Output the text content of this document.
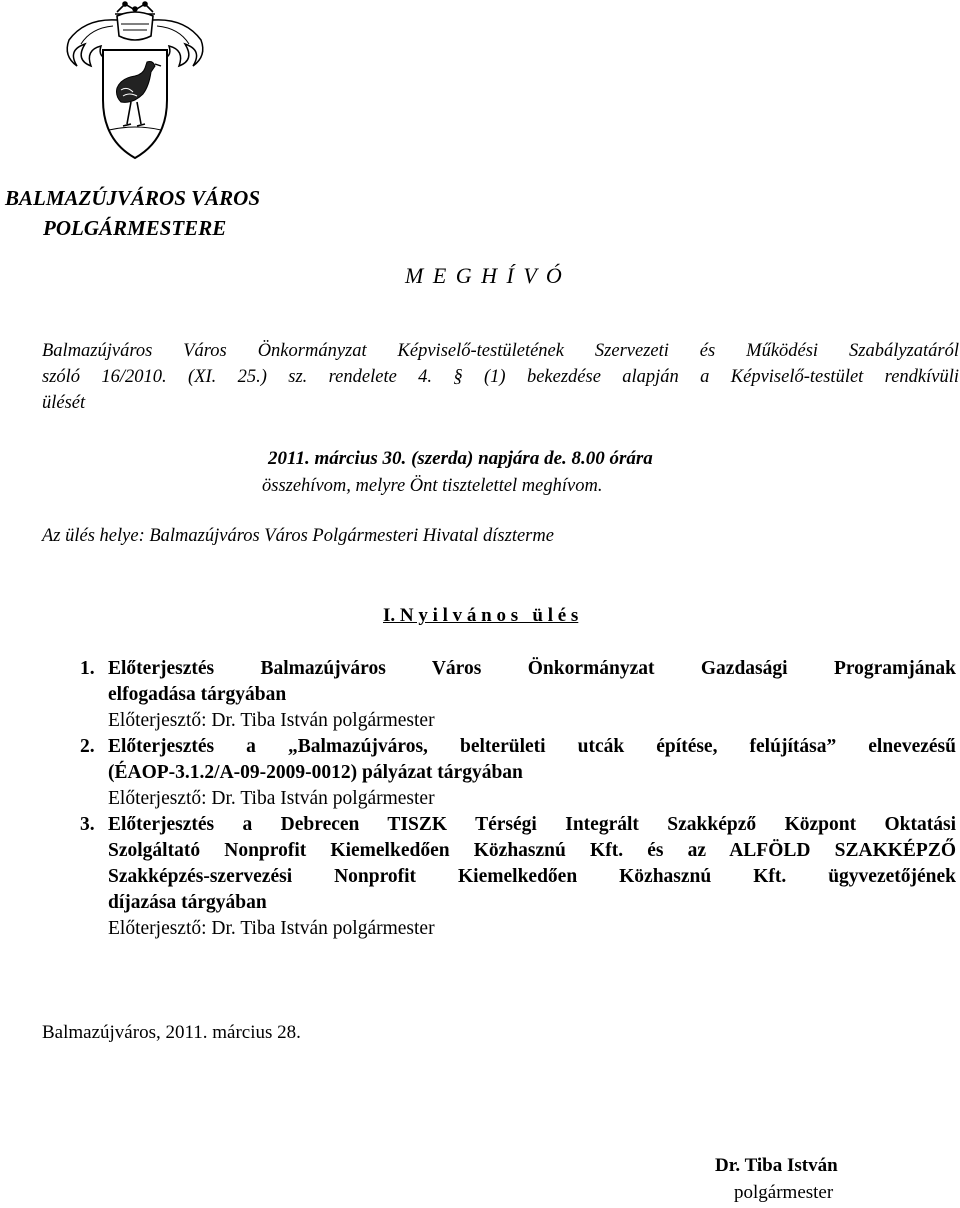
BALMAZÚJVÁROS VÁROS
POLGÁRMESTERE
M E G H Í V Ó
Balmazújváros Város Önkormányzat Képviselő-testületének Szervezeti és Működési Szabályzatáról
szóló 16/2010. (XI. 25.) sz. rendelete 4. § (1) bekezdése alapján a Képviselő-testület rendkívüli
ülését
2011. március 30. (szerda) napjára de. 8.00 órára
összehívom, melyre Önt tisztelettel meghívom.
Az ülés helye: Balmazújváros Város Polgármesteri Hivatal díszterme
I. N y i l v á n o s   ü l é s
1. Előterjesztés Balmazújváros Város Önkormányzat Gazdasági Programjának
elfogadása tárgyában
Előterjesztő: Dr. Tiba István polgármester
2. Előterjesztés a „Balmazújváros, belterületi utcák építése, felújítása” elnevezésű
(ÉAOP-3.1.2/A-09-2009-0012) pályázat tárgyában
Előterjesztő: Dr. Tiba István polgármester
3. Előterjesztés a Debrecen TISZK Térségi Integrált Szakképző Központ Oktatási
Szolgáltató Nonprofit Kiemelkedően Közhasznú Kft. és az ALFÖLD SZAKKÉPZŐ
Szakképzés-szervezési Nonprofit Kiemelkedően Közhasznú Kft. ügyvezetőjének
díjazása tárgyában
Előterjesztő: Dr. Tiba István polgármester
Balmazújváros, 2011. március 28.
Dr. Tiba István
polgármester
